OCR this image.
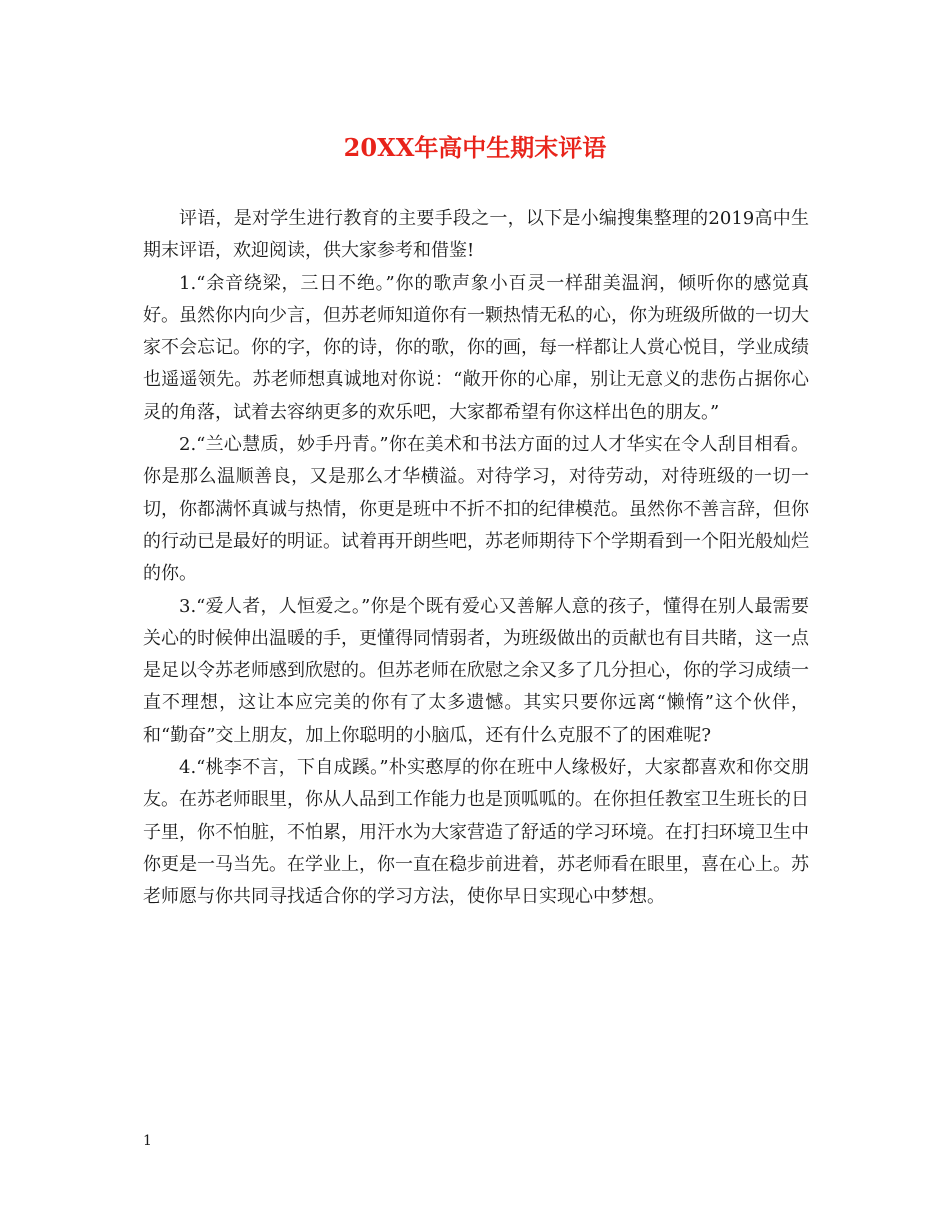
20XX年高中生期末评语

评语，是对学生进行教育的主要手段之一，以下是小编搜集整理的2019高中生期末评语，欢迎阅读，供大家参考和借鉴!

1.“余音绕梁，三日不绝。”你的歌声象小百灵一样甜美温润，倾听你的感觉真好。虽然你内向少言，但苏老师知道你有一颗热情无私的心，你为班级所做的一切大家不会忘记。你的字，你的诗，你的歌，你的画，每一样都让人赏心悦目，学业成绩也遥遥领先。苏老师想真诚地对你说：“敞开你的心扉，别让无意义的悲伤占据你心灵的角落，试着去容纳更多的欢乐吧，大家都希望有你这样出色的朋友。”

2.“兰心慧质，妙手丹青。”你在美术和书法方面的过人才华实在令人刮目相看。你是那么温顺善良，又是那么才华横溢。对待学习，对待劳动，对待班级的一切一切，你都满怀真诚与热情，你更是班中不折不扣的纪律模范。虽然你不善言辞，但你的行动已是最好的明证。试着再开朗些吧，苏老师期待下个学期看到一个阳光般灿烂的你。

3.“爱人者，人恒爱之。”你是个既有爱心又善解人意的孩子，懂得在别人最需要关心的时候伸出温暖的手，更懂得同情弱者，为班级做出的贡献也有目共睹，这一点是足以令苏老师感到欣慰的。但苏老师在欣慰之余又多了几分担心，你的学习成绩一直不理想，这让本应完美的你有了太多遗憾。其实只要你远离“懒惰”这个伙伴，和“勤奋”交上朋友，加上你聪明的小脑瓜，还有什么克服不了的困难呢?

4.“桃李不言，下自成蹊。”朴实憨厚的你在班中人缘极好，大家都喜欢和你交朋友。在苏老师眼里，你从人品到工作能力也是顶呱呱的。在你担任教室卫生班长的日子里，你不怕脏，不怕累，用汗水为大家营造了舒适的学习环境。在打扫环境卫生中你更是一马当先。在学业上，你一直在稳步前进着，苏老师看在眼里，喜在心上。苏老师愿与你共同寻找适合你的学习方法，使你早日实现心中梦想。

1
